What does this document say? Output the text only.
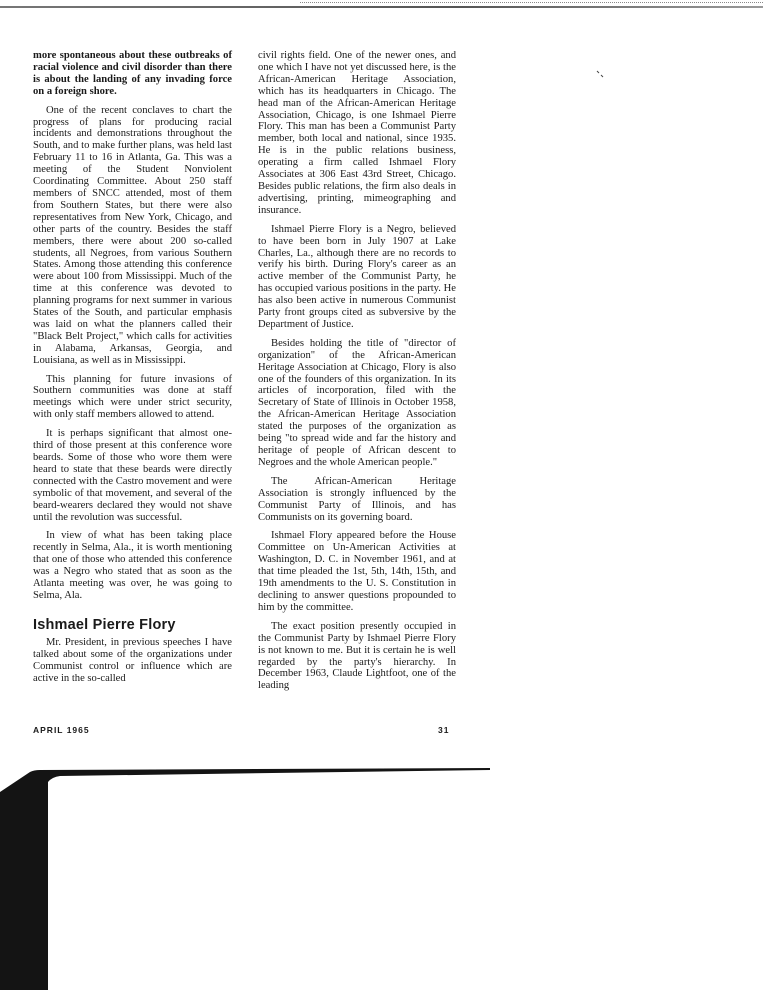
more spontaneous about these outbreaks of racial violence and civil disorder than there is about the landing of any invading force on a foreign shore.

One of the recent conclaves to chart the progress of plans for producing racial incidents and demonstrations throughout the South, and to make further plans, was held last February 11 to 16 in Atlanta, Ga. This was a meeting of the Student Nonviolent Coordinating Committee. About 250 staff members of SNCC attended, most of them from Southern States, but there were also representatives from New York, Chicago, and other parts of the country. Besides the staff members, there were about 200 so-called students, all Negroes, from various Southern States. Among those attending this conference were about 100 from Mississippi. Much of the time at this conference was devoted to planning programs for next summer in various States of the South, and particular emphasis was laid on what the planners called their "Black Belt Project," which calls for activities in Alabama, Arkansas, Georgia, and Louisiana, as well as in Mississippi.

This planning for future invasions of Southern communities was done at staff meetings which were under strict security, with only staff members allowed to attend.

It is perhaps significant that almost one-third of those present at this conference wore beards. Some of those who wore them were heard to state that these beards were directly connected with the Castro movement and were symbolic of that movement, and several of the beard-wearers declared they would not shave until the revolution was successful.

In view of what has been taking place recently in Selma, Ala., it is worth mentioning that one of those who attended this conference was a Negro who stated that as soon as the Atlanta meeting was over, he was going to Selma, Ala.

Ishmael Pierre Flory

Mr. President, in previous speeches I have talked about some of the organizations under Communist control or influence which are active in the so-called

civil rights field. One of the newer ones, and one which I have not yet discussed here, is the African-American Heritage Association, which has its headquarters in Chicago. The head man of the African-American Heritage Association, Chicago, is one Ishmael Pierre Flory. This man has been a Communist Party member, both local and national, since 1935. He is in the public relations business, operating a firm called Ishmael Flory Associates at 306 East 43rd Street, Chicago. Besides public relations, the firm also deals in advertising, printing, mimeographing and insurance.

Ishmael Pierre Flory is a Negro, believed to have been born in July 1907 at Lake Charles, La., although there are no records to verify his birth. During Flory's career as an active member of the Communist Party, he has occupied various positions in the party. He has also been active in numerous Communist Party front groups cited as subversive by the Department of Justice.

Besides holding the title of "director of organization" of the African-American Heritage Association at Chicago, Flory is also one of the founders of this organization. In its articles of incorporation, filed with the Secretary of State of Illinois in October 1958, the African-American Heritage Association stated the purposes of the organization as being "to spread wide and far the history and heritage of people of African descent to Negroes and the whole American people."

The African-American Heritage Association is strongly influenced by the Communist Party of Illinois, and has Communists on its governing board.

Ishmael Flory appeared before the House Committee on Un-American Activities at Washington, D. C. in November 1961, and at that time pleaded the 1st, 5th, 14th, 15th, and 19th amendments to the U. S. Constitution in declining to answer questions propounded to him by the committee.

The exact position presently occupied in the Communist Party by Ishmael Pierre Flory is not known to me. But it is certain he is well regarded by the party's hierarchy. In December 1963, Claude Lightfoot, one of the leading

APRIL 1965	31
